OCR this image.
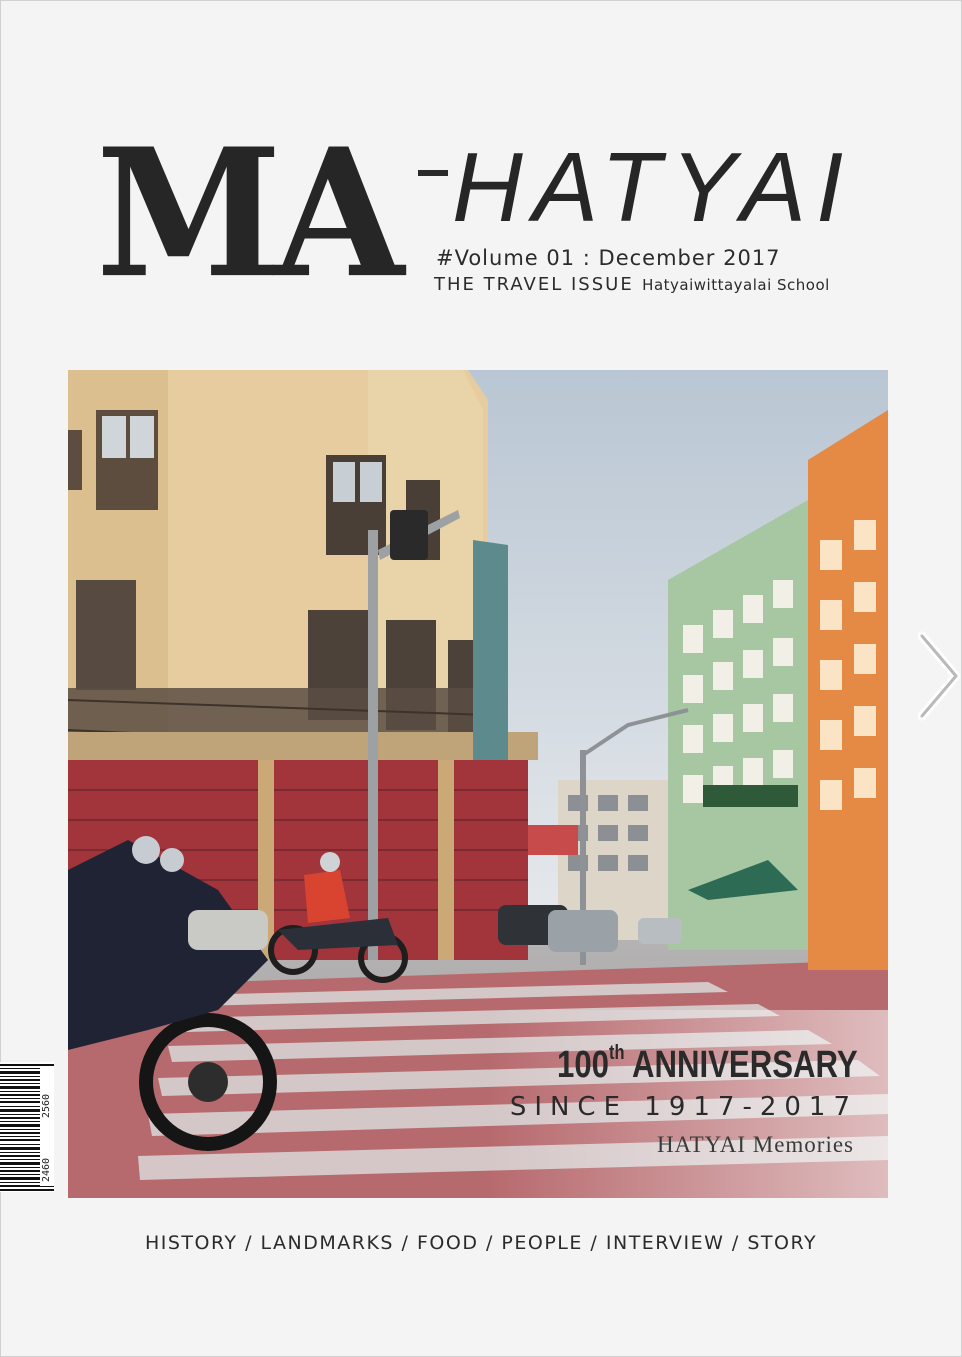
MA HATYAI
#Volume 01 : December 2017
THE TRAVEL ISSUE Hatyaiwittayalai School
100th ANNIVERSARY
SINCE 1917-2017
HATYAI Memories
2560
2460
HISTORY / LANDMARKS / FOOD / PEOPLE / INTERVIEW / STORY
